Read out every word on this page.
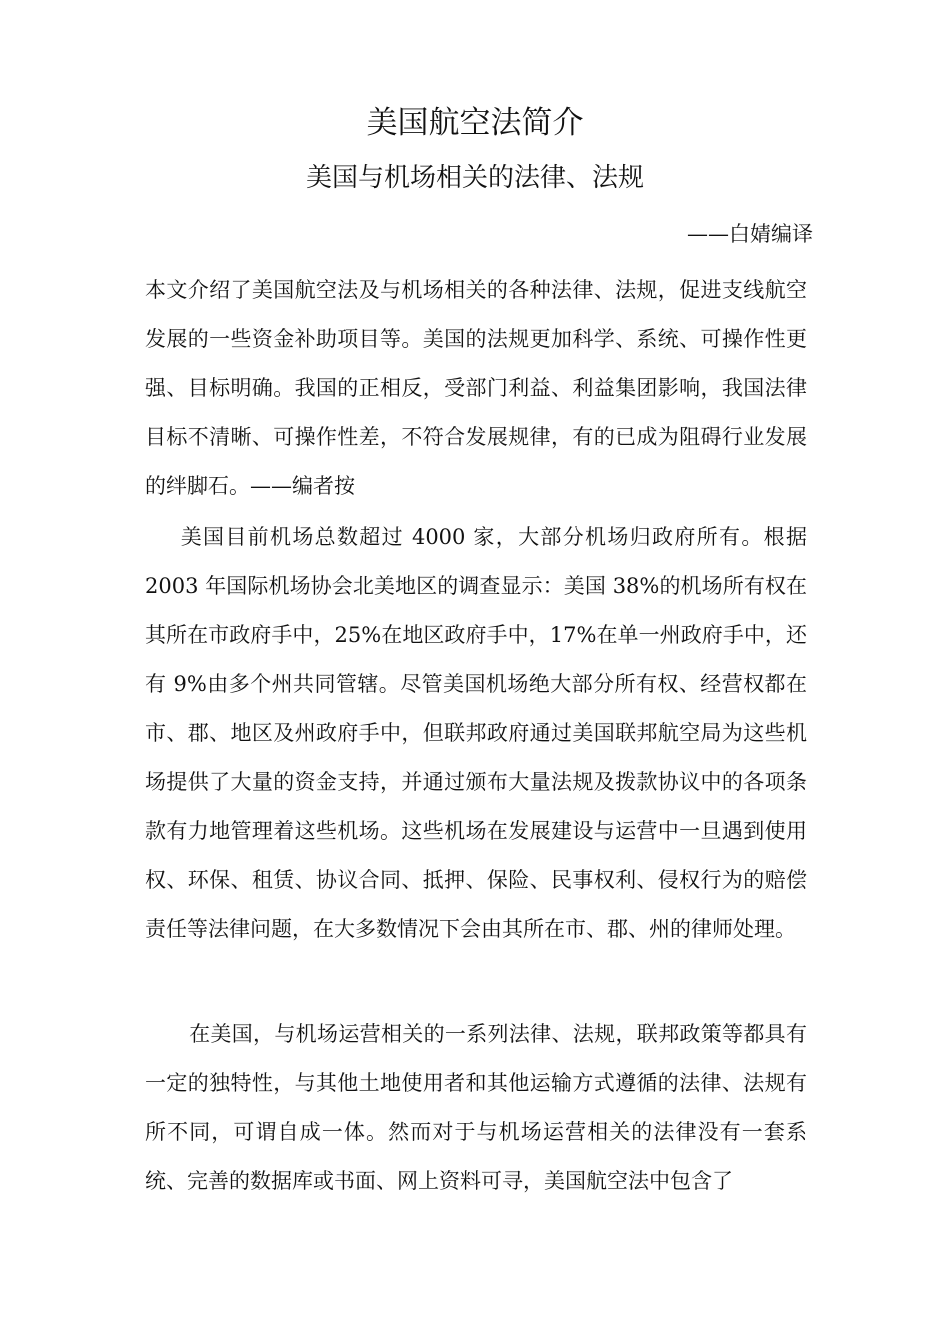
美国航空法简介
美国与机场相关的法律、法规
——白婧编译

本文介绍了美国航空法及与机场相关的各种法律、法规，促进支线航空发展的一些资金补助项目等。美国的法规更加科学、系统、可操作性更强、目标明确。我国的正相反，受部门利益、利益集团影响，我国法律目标不清晰、可操作性差，不符合发展规律，有的已成为阻碍行业发展的绊脚石。——编者按

美国目前机场总数超过 4000 家，大部分机场归政府所有。根据 2003 年国际机场协会北美地区的调查显示：美国 38%的机场所有权在其所在市政府手中，25%在地区政府手中，17%在单一州政府手中，还有 9%由多个州共同管辖。尽管美国机场绝大部分所有权、经营权都在市、郡、地区及州政府手中，但联邦政府通过美国联邦航空局为这些机场提供了大量的资金支持，并通过颁布大量法规及拨款协议中的各项条款有力地管理着这些机场。这些机场在发展建设与运营中一旦遇到使用权、环保、租赁、协议合同、抵押、保险、民事权利、侵权行为的赔偿责任等法律问题，在大多数情况下会由其所在市、郡、州的律师处理。

在美国，与机场运营相关的一系列法律、法规，联邦政策等都具有一定的独特性，与其他土地使用者和其他运输方式遵循的法律、法规有所不同，可谓自成一体。然而对于与机场运营相关的法律没有一套系统、完善的数据库或书面、网上资料可寻，美国航空法中包含了
